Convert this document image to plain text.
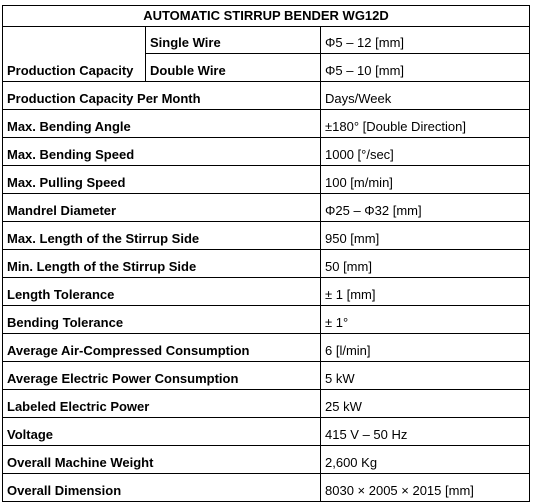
AUTOMATIC STIRRUP BENDER WG12D		
Production Capacity	Single Wire	Φ5 – 12 [mm]
	Double Wire	Φ5 – 10 [mm]
Production Capacity Per Month		Days/Week
Max. Bending Angle		±180° [Double Direction]
Max. Bending Speed		1000 [°/sec]
Max. Pulling Speed		100 [m/min]
Mandrel Diameter		Φ25 – Φ32 [mm]
Max. Length of the Stirrup Side		950 [mm]
Min. Length of the Stirrup Side		50 [mm]
Length Tolerance		± 1 [mm]
Bending Tolerance		± 1°
Average Air-Compressed Consumption		6 [l/min]
Average Electric Power Consumption		5 kW
Labeled Electric Power		25 kW
Voltage		415 V – 50 Hz
Overall Machine Weight		2,600 Kg
Overall Dimension		8030 × 2005 × 2015 [mm]
